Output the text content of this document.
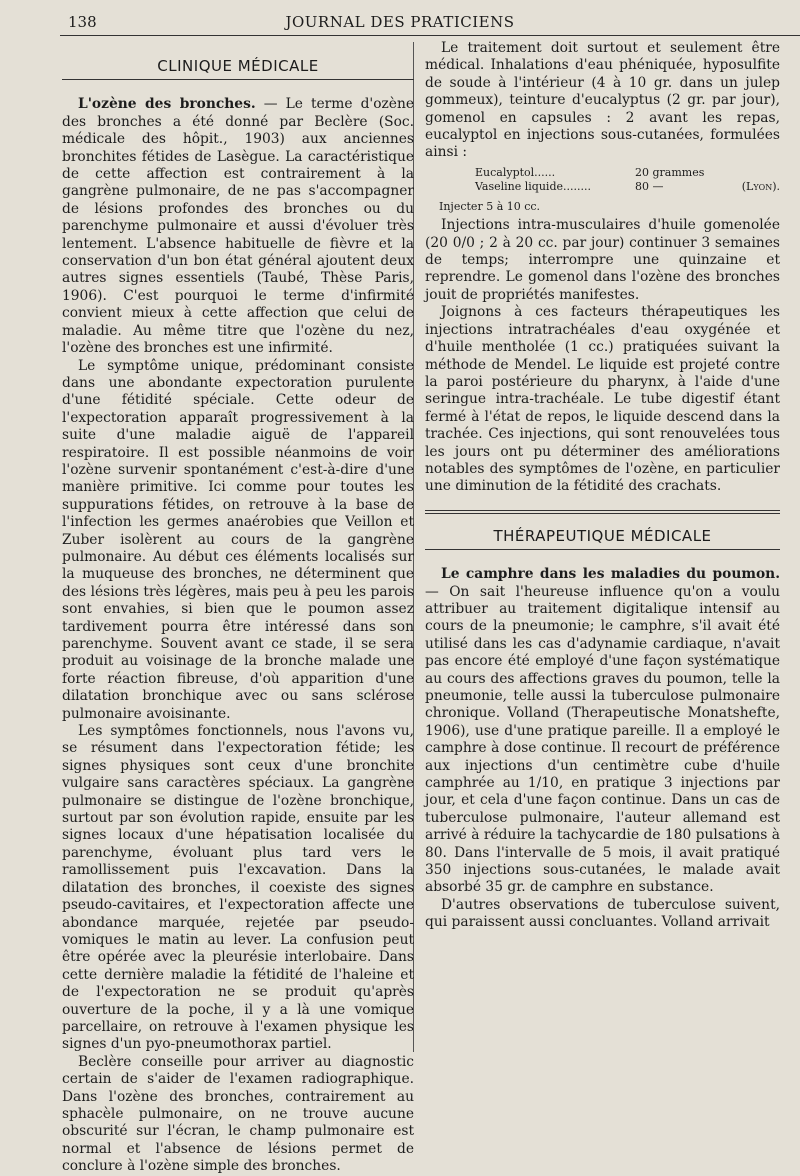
138	JOURNAL DES PRATICIENS
CLINIQUE MÉDICALE

L'ozène des bronches. — Le terme d'ozène des bronches a été donné par Beclère (Soc. médicale des hôpit., 1903) aux anciennes bronchites fétides de Lasègue. La caractéristique de cette affection est contrairement à la gangrène pulmonaire, de ne pas s'accompagner de lésions profondes des bronches ou du parenchyme pulmonaire et aussi d'évoluer très lentement. L'absence habituelle de fièvre et la conservation d'un bon état général ajoutent deux autres signes essentiels (Taubé, Thèse Paris, 1906). C'est pourquoi le terme d'infirmité convient mieux à cette affection que celui de maladie. Au même titre que l'ozène du nez, l'ozène des bronches est une infirmité.

Le symptôme unique, prédominant consiste dans une abondante expectoration purulente d'une fétidité spéciale. Cette odeur de l'expectoration apparaît progressivement à la suite d'une maladie aiguë de l'appareil respiratoire. Il est possible néanmoins de voir l'ozène survenir spontanément c'est-à-dire d'une manière primitive. Ici comme pour toutes les suppurations fétides, on retrouve à la base de l'infection les germes anaérobies que Veillon et Zuber isolèrent au cours de la gangrène pulmonaire. Au début ces éléments localisés sur la muqueuse des bronches, ne déterminent que des lésions très légères, mais peu à peu les parois sont envahies, si bien que le poumon assez tardivement pourra être intéressé dans son parenchyme. Souvent avant ce stade, il se sera produit au voisinage de la bronche malade une forte réaction fibreuse, d'où apparition d'une dilatation bronchique avec ou sans sclérose pulmonaire avoisinante.

Les symptômes fonctionnels, nous l'avons vu, se résument dans l'expectoration fétide; les signes physiques sont ceux d'une bronchite vulgaire sans caractères spéciaux. La gangrène pulmonaire se distingue de l'ozène bronchique, surtout par son évolution rapide, ensuite par les signes locaux d'une hépatisation localisée du parenchyme, évoluant plus tard vers le ramollissement puis l'excavation. Dans la dilatation des bronches, il coexiste des signes pseudo-cavitaires, et l'expectoration affecte une abondance marquée, rejetée par pseudo-vomiques le matin au lever. La confusion peut être opérée avec la pleurésie interlobaire. Dans cette dernière maladie la fétidité de l'haleine et de l'expectoration ne se produit qu'après ouverture de la poche, il y a là une vomique parcellaire, on retrouve à l'examen physique les signes d'un pyo-pneumothorax partiel.

Beclère conseille pour arriver au diagnostic certain de s'aider de l'examen radiographique. Dans l'ozène des bronches, contrairement au sphacèle pulmonaire, on ne trouve aucune obscurité sur l'écran, le champ pulmonaire est normal et l'absence de lésions permet de conclure à l'ozène simple des bronches.

Le traitement doit surtout et seulement être médical. Inhalations d'eau phéniquée, hyposulfite de soude à l'intérieur (4 à 10 gr. dans un julep gommeux), teinture d'eucalyptus (2 gr. par jour), gomenol en capsules : 2 avant les repas, eucalyptol en injections sous-cutanées, formulées ainsi :

Eucalyptol......	20 grammes
Vaseline liquide........	80 —	(Lyon).
Injecter 5 à 10 cc.

Injections intra-musculaires d'huile gomenolée (20 0/0 ; 2 à 20 cc. par jour) continuer 3 semaines de temps; interrompre une quinzaine et reprendre. Le gomenol dans l'ozène des bronches jouit de propriétés manifestes.

Joignons à ces facteurs thérapeutiques les injections intratrachéales d'eau oxygénée et d'huile mentholée (1 cc.) pratiquées suivant la méthode de Mendel. Le liquide est projeté contre la paroi postérieure du pharynx, à l'aide d'une seringue intra-trachéale. Le tube digestif étant fermé à l'état de repos, le liquide descend dans la trachée. Ces injections, qui sont renouvelées tous les jours ont pu déterminer des améliorations notables des symptômes de l'ozène, en particulier une diminution de la fétidité des crachats.

THÉRAPEUTIQUE MÉDICALE

Le camphre dans les maladies du poumon. — On sait l'heureuse influence qu'on a voulu attribuer au traitement digitalique intensif au cours de la pneumonie; le camphre, s'il avait été utilisé dans les cas d'adynamie cardiaque, n'avait pas encore été employé d'une façon systématique au cours des affections graves du poumon, telle la pneumonie, telle aussi la tuberculose pulmonaire chronique. Volland (Therapeutische Monatshefte, 1906), use d'une pratique pareille. Il a employé le camphre à dose continue. Il recourt de préférence aux injections d'un centimètre cube d'huile camphrée au 1/10, en pratique 3 injections par jour, et cela d'une façon continue. Dans un cas de tuberculose pulmonaire, l'auteur allemand est arrivé à réduire la tachycardie de 180 pulsations à 80. Dans l'intervalle de 5 mois, il avait pratiqué 350 injections sous-cutanées, le malade avait absorbé 35 gr. de camphre en substance.

D'autres observations de tuberculose suivent, qui paraissent aussi concluantes. Volland arrivait
